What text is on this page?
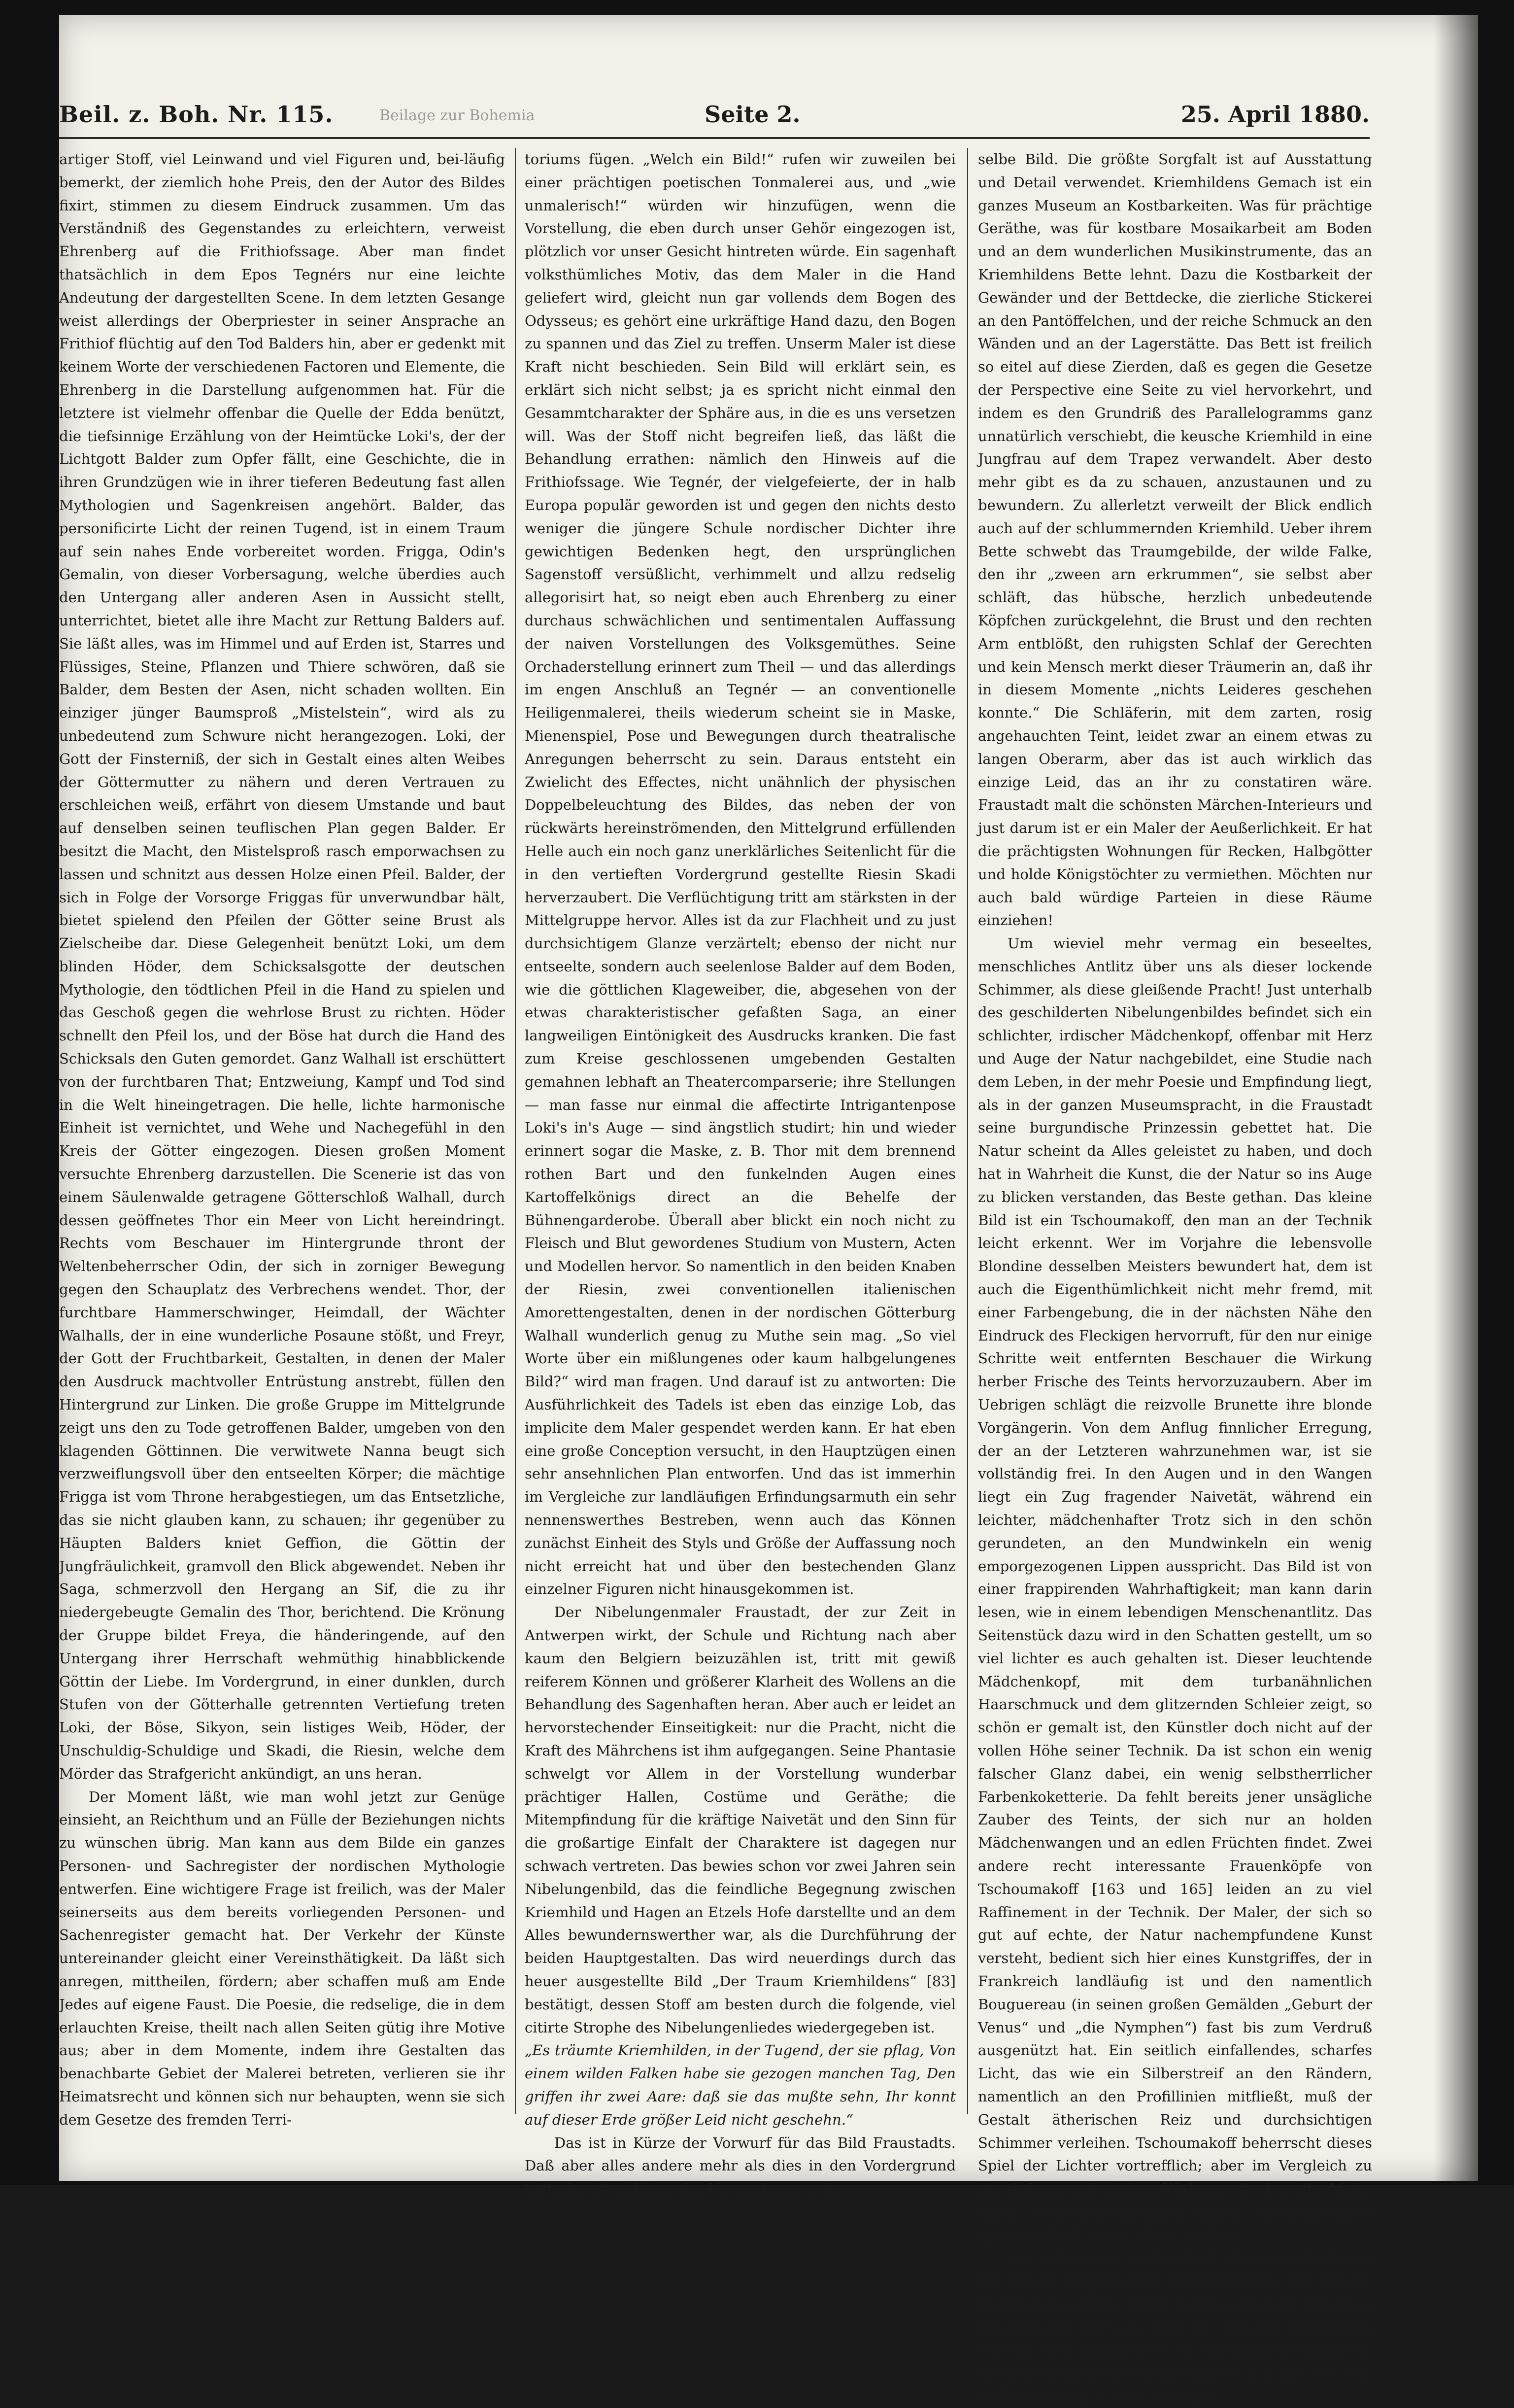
Beil. z. Boh. Nr. 115.	Beilage zur Bohemia	Seite 2.	25. April 1880.

artiger Stoff, viel Leinwand und viel Figuren und, bei-läufig bemerkt, der ziemlich hohe Preis, den der Autor des Bildes fixirt, stimmen zu diesem Eindruck zusammen. Um das Verständniß des Gegenstandes zu erleichtern, verweist Ehrenberg auf die Frithiofssage. Aber man findet thatsächlich in dem Epos Tegnérs nur eine leichte Andeutung der dargestellten Scene. In dem letzten Gesange weist allerdings der Oberpriester in seiner Ansprache an Frithiof flüchtig auf den Tod Balders hin, aber er gedenkt mit keinem Worte der verschiedenen Factoren und Elemente, die Ehrenberg in die Darstellung aufgenommen hat. Für die letztere ist vielmehr offenbar die Quelle der Edda benützt, die tiefsinnige Erzählung von der Heimtücke Loki's, der der Lichtgott Balder zum Opfer fällt, eine Geschichte, die in ihren Grundzügen wie in ihrer tieferen Bedeutung fast allen Mythologien und Sagenkreisen angehört. Balder, das personificirte Licht der reinen Tugend, ist in einem Traum auf sein nahes Ende vorbereitet worden. Frigga, Odin's Gemalin, von dieser Vorbersagung, welche überdies auch den Untergang aller anderen Asen in Aussicht stellt, unterrichtet, bietet alle ihre Macht zur Rettung Balders auf. Sie läßt alles, was im Himmel und auf Erden ist, Starres und Flüssiges, Steine, Pflanzen und Thiere schwören, daß sie Balder, dem Besten der Asen, nicht schaden wollten. Ein einziger jünger Baumsproß „Mistelstein“, wird als zu unbedeutend zum Schwure nicht herangezogen. Loki, der Gott der Finsterniß, der sich in Gestalt eines alten Weibes der Göttermutter zu nähern und deren Vertrauen zu erschleichen weiß, erfährt von diesem Umstande und baut auf denselben seinen teuflischen Plan gegen Balder. Er besitzt die Macht, den Mistelsproß rasch emporwachsen zu lassen und schnitzt aus dessen Holze einen Pfeil. Balder, der sich in Folge der Vorsorge Friggas für unverwundbar hält, bietet spielend den Pfeilen der Götter seine Brust als Zielscheibe dar. Diese Gelegenheit benützt Loki, um dem blinden Höder, dem Schicksalsgotte der deutschen Mythologie, den tödtlichen Pfeil in die Hand zu spielen und das Geschoß gegen die wehrlose Brust zu richten. Höder schnellt den Pfeil los, und der Böse hat durch die Hand des Schicksals den Guten gemordet. Ganz Walhall ist erschüttert von der furchtbaren That; Entzweiung, Kampf und Tod sind in die Welt hineingetragen. Die helle, lichte harmonische Einheit ist vernichtet, und Wehe und Nachegefühl in den Kreis der Götter eingezogen. Diesen großen Moment versuchte Ehrenberg darzustellen. Die Scenerie ist das von einem Säulenwalde getragene Götterschloß Walhall, durch dessen geöffnetes Thor ein Meer von Licht hereindringt. Rechts vom Beschauer im Hintergrunde thront der Weltenbeherrscher Odin, der sich in zorniger Bewegung gegen den Schauplatz des Verbrechens wendet. Thor, der furchtbare Hammerschwinger, Heimdall, der Wächter Walhalls, der in eine wunderliche Posaune stößt, und Freyr, der Gott der Fruchtbarkeit, Gestalten, in denen der Maler den Ausdruck machtvoller Entrüstung anstrebt, füllen den Hintergrund zur Linken. Die große Gruppe im Mittelgrunde zeigt uns den zu Tode getroffenen Balder, umgeben von den klagenden Göttinnen. Die verwitwete Nanna beugt sich verzweiflungsvoll über den entseelten Körper; die mächtige Frigga ist vom Throne herabgestiegen, um das Entsetzliche, das sie nicht glauben kann, zu schauen; ihr gegenüber zu Häupten Balders kniet Geffion, die Göttin der Jungfräulichkeit, gramvoll den Blick abgewendet. Neben ihr Saga, schmerzvoll den Hergang an Sif, die zu ihr niedergebeugte Gemalin des Thor, berichtend. Die Krönung der Gruppe bildet Freya, die händeringende, auf den Untergang ihrer Herrschaft wehmüthig hinabblickende Göttin der Liebe. Im Vordergrund, in einer dunklen, durch Stufen von der Götterhalle getrennten Vertiefung treten Loki, der Böse, Sikyon, sein listiges Weib, Höder, der Unschuldig-Schuldige und Skadi, die Riesin, welche dem Mörder das Strafgericht ankündigt, an uns heran.

Der Moment läßt, wie man wohl jetzt zur Genüge einsieht, an Reichthum und an Fülle der Beziehungen nichts zu wünschen übrig. Man kann aus dem Bilde ein ganzes Personen- und Sachregister der nordischen Mythologie entwerfen. Eine wichtigere Frage ist freilich, was der Maler seinerseits aus dem bereits vorliegenden Personen- und Sachenregister gemacht hat. Der Verkehr der Künste untereinander gleicht einer Vereinsthätigkeit. Da läßt sich anregen, mittheilen, fördern; aber schaffen muß am Ende Jedes auf eigene Faust. Die Poesie, die redselige, die in dem erlauchten Kreise, theilt nach allen Seiten gütig ihre Motive aus; aber in dem Momente, indem ihre Gestalten das benachbarte Gebiet der Malerei betreten, verlieren sie ihr Heimatsrecht und können sich nur behaupten, wenn sie sich dem Gesetze des fremden Terri-

toriums fügen. „Welch ein Bild!“ rufen wir zuweilen bei einer prächtigen poetischen Tonmalerei aus, und „wie unmalerisch!“ würden wir hinzufügen, wenn die Vorstellung, die eben durch unser Gehör eingezogen ist, plötzlich vor unser Gesicht hintreten würde. Ein sagenhaft volksthümliches Motiv, das dem Maler in die Hand geliefert wird, gleicht nun gar vollends dem Bogen des Odysseus; es gehört eine urkräftige Hand dazu, den Bogen zu spannen und das Ziel zu treffen. Unserm Maler ist diese Kraft nicht beschieden. Sein Bild will erklärt sein, es erklärt sich nicht selbst; ja es spricht nicht einmal den Gesammtcharakter der Sphäre aus, in die es uns versetzen will. Was der Stoff nicht begreifen ließ, das läßt die Behandlung errathen: nämlich den Hinweis auf die Frithiofssage. Wie Tegnér, der vielgefeierte, der in halb Europa populär geworden ist und gegen den nichts desto weniger die jüngere Schule nordischer Dichter ihre gewichtigen Bedenken hegt, den ursprünglichen Sagenstoff versüßlicht, verhimmelt und allzu redselig allegorisirt hat, so neigt eben auch Ehrenberg zu einer durchaus schwächlichen und sentimentalen Auffassung der naiven Vorstellungen des Volksgemüthes. Seine Orchaderstellung erinnert zum Theil — und das allerdings im engen Anschluß an Tegnér — an conventionelle Heiligenmalerei, theils wiederum scheint sie in Maske, Mienenspiel, Pose und Bewegungen durch theatralische Anregungen beherrscht zu sein. Daraus entsteht ein Zwielicht des Effectes, nicht unähnlich der physischen Doppelbeleuchtung des Bildes, das neben der von rückwärts hereinströmenden, den Mittelgrund erfüllenden Helle auch ein noch ganz unerklärliches Seitenlicht für die in den vertieften Vordergrund gestellte Riesin Skadi herverzaubert. Die Verflüchtigung tritt am stärksten in der Mittelgruppe hervor. Alles ist da zur Flachheit und zu just durchsichtigem Glanze verzärtelt; ebenso der nicht nur entseelte, sondern auch seelenlose Balder auf dem Boden, wie die göttlichen Klageweiber, die, abgesehen von der etwas charakteristischer gefaßten Saga, an einer langweiligen Eintönigkeit des Ausdrucks kranken. Die fast zum Kreise geschlossenen umgebenden Gestalten gemahnen lebhaft an Theatercomparserie; ihre Stellungen — man fasse nur einmal die affectirte Intrigantenpose Loki's in's Auge — sind ängstlich studirt; hin und wieder erinnert sogar die Maske, z. B. Thor mit dem brennend rothen Bart und den funkelnden Augen eines Kartoffelkönigs direct an die Behelfe der Bühnengarderobe. Überall aber blickt ein noch nicht zu Fleisch und Blut gewordenes Studium von Mustern, Acten und Modellen hervor. So namentlich in den beiden Knaben der Riesin, zwei conventionellen italienischen Amorettengestalten, denen in der nordischen Götterburg Walhall wunderlich genug zu Muthe sein mag. „So viel Worte über ein mißlungenes oder kaum halbgelungenes Bild?“ wird man fragen. Und darauf ist zu antworten: Die Ausführlichkeit des Tadels ist eben das einzige Lob, das implicite dem Maler gespendet werden kann. Er hat eben eine große Conception versucht, in den Hauptzügen einen sehr ansehnlichen Plan entworfen. Und das ist immerhin im Vergleiche zur landläufigen Erfindungsarmuth ein sehr nennenswerthes Bestreben, wenn auch das Können zunächst Einheit des Styls und Größe der Auffassung noch nicht erreicht hat und über den bestechenden Glanz einzelner Figuren nicht hinausgekommen ist.

Der Nibelungenmaler Fraustadt, der zur Zeit in Antwerpen wirkt, der Schule und Richtung nach aber kaum den Belgiern beizuzählen ist, tritt mit gewiß reiferem Können und größerer Klarheit des Wollens an die Behandlung des Sagenhaften heran. Aber auch er leidet an hervorstechender Einseitigkeit: nur die Pracht, nicht die Kraft des Mährchens ist ihm aufgegangen. Seine Phantasie schwelgt vor Allem in der Vorstellung wunderbar prächtiger Hallen, Costüme und Geräthe; die Mitempfindung für die kräftige Naivetät und den Sinn für die großartige Einfalt der Charaktere ist dagegen nur schwach vertreten. Das bewies schon vor zwei Jahren sein Nibelungenbild, das die feindliche Begegnung zwischen Kriemhild und Hagen an Etzels Hofe darstellte und an dem Alles bewundernswerther war, als die Durchführung der beiden Hauptgestalten. Das wird neuerdings durch das heuer ausgestellte Bild „Der Traum Kriemhildens“ [83] bestätigt, dessen Stoff am besten durch die folgende, viel citirte Strophe des Nibelungenliedes wiedergegeben ist.

„Es träumte Kriemhilden, in der Tugend, der sie pflag, Von einem wilden Falken habe sie gezogen manchen Tag, Den griffen ihr zwei Aare: daß sie das mußte sehn, Ihr konnt auf dieser Erde größer Leid nicht geschehn.“

Das ist in Kürze der Vorwurf für das Bild Fraustadts. Daß aber alles andere mehr als dies in den Vordergrund tritt, das ist in Kürze der Vorwurf gegen das

selbe Bild. Die größte Sorgfalt ist auf Ausstattung und Detail verwendet. Kriemhildens Gemach ist ein ganzes Museum an Kostbarkeiten. Was für prächtige Geräthe, was für kostbare Mosaikarbeit am Boden und an dem wunderlichen Musikinstrumente, das an Kriemhildens Bette lehnt. Dazu die Kostbarkeit der Gewänder und der Bettdecke, die zierliche Stickerei an den Pantöffelchen, und der reiche Schmuck an den Wänden und an der Lagerstätte. Das Bett ist freilich so eitel auf diese Zierden, daß es gegen die Gesetze der Perspective eine Seite zu viel hervorkehrt, und indem es den Grundriß des Parallelogramms ganz unnatürlich verschiebt, die keusche Kriemhild in eine Jungfrau auf dem Trapez verwandelt. Aber desto mehr gibt es da zu schauen, anzustaunen und zu bewundern. Zu allerletzt verweilt der Blick endlich auch auf der schlummernden Kriemhild. Ueber ihrem Bette schwebt das Traumgebilde, der wilde Falke, den ihr „zween arn erkrummen“, sie selbst aber schläft, das hübsche, herzlich unbedeutende Köpfchen zurückgelehnt, die Brust und den rechten Arm entblößt, den ruhigsten Schlaf der Gerechten und kein Mensch merkt dieser Träumerin an, daß ihr in diesem Momente „nichts Leideres geschehen konnte.“ Die Schläferin, mit dem zarten, rosig angehauchten Teint, leidet zwar an einem etwas zu langen Oberarm, aber das ist auch wirklich das einzige Leid, das an ihr zu constatiren wäre. Fraustadt malt die schönsten Märchen-Interieurs und just darum ist er ein Maler der Aeußerlichkeit. Er hat die prächtigsten Wohnungen für Recken, Halbgötter und holde Königstöchter zu vermiethen. Möchten nur auch bald würdige Parteien in diese Räume einziehen!

Um wieviel mehr vermag ein beseeltes, menschliches Antlitz über uns als dieser lockende Schimmer, als diese gleißende Pracht! Just unterhalb des geschilderten Nibelungenbildes befindet sich ein schlichter, irdischer Mädchenkopf, offenbar mit Herz und Auge der Natur nachgebildet, eine Studie nach dem Leben, in der mehr Poesie und Empfindung liegt, als in der ganzen Museumspracht, in die Fraustadt seine burgundische Prinzessin gebettet hat. Die Natur scheint da Alles geleistet zu haben, und doch hat in Wahrheit die Kunst, die der Natur so ins Auge zu blicken verstanden, das Beste gethan. Das kleine Bild ist ein Tschoumakoff, den man an der Technik leicht erkennt. Wer im Vorjahre die lebensvolle Blondine desselben Meisters bewundert hat, dem ist auch die Eigenthümlichkeit nicht mehr fremd, mit einer Farbengebung, die in der nächsten Nähe den Eindruck des Fleckigen hervorruft, für den nur einige Schritte weit entfernten Beschauer die Wirkung herber Frische des Teints hervorzuzaubern. Aber im Uebrigen schlägt die reizvolle Brunette ihre blonde Vorgängerin. Von dem Anflug finnlicher Erregung, der an der Letzteren wahrzunehmen war, ist sie vollständig frei. In den Augen und in den Wangen liegt ein Zug fragender Naivetät, während ein leichter, mädchenhafter Trotz sich in den schön gerundeten, an den Mundwinkeln ein wenig emporgezogenen Lippen ausspricht. Das Bild ist von einer frappirenden Wahrhaftigkeit; man kann darin lesen, wie in einem lebendigen Menschenantlitz. Das Seitenstück dazu wird in den Schatten gestellt, um so viel lichter es auch gehalten ist. Dieser leuchtende Mädchenkopf, mit dem turbanähnlichen Haarschmuck und dem glitzernden Schleier zeigt, so schön er gemalt ist, den Künstler doch nicht auf der vollen Höhe seiner Technik. Da ist schon ein wenig falscher Glanz dabei, ein wenig selbstherrlicher Farbenkoketterie. Da fehlt bereits jener unsägliche Zauber des Teints, der sich nur an holden Mädchenwangen und an edlen Früchten findet. Zwei andere recht interessante Frauenköpfe von Tschoumakoff [163 und 165] leiden an zu viel Raffinement in der Technik. Der Maler, der sich so gut auf echte, der Natur nachempfundene Kunst versteht, bedient sich hier eines Kunstgriffes, der in Frankreich landläufig ist und den namentlich Bouguereau (in seinen großen Gemälden „Geburt der Venus“ und „die Nymphen“) fast bis zum Verdruß ausgenützt hat. Ein seitlich einfallendes, scharfes Licht, das wie ein Silberstreif an den Rändern, namentlich an den Profillinien mitfließt, muß der Gestalt ätherischen Reiz und durchsichtigen Schimmer verleihen. Tschoumakoff beherrscht dieses Spiel der Lichter vortrefflich; aber im Vergleich zu der tieferen und ruhigen Wirkung, die derselbe Maler durch seelischen Ausdruck erzielt, erscheint diese Spielerei doch nur eitel und nichtig.

Ein vollendeter Studienkopf, das zeigt der beste der heuer ausgestellten Tschoumakoffs, hat als ein durchempfundenes Stück Lebens zugleich den Reiz des Porträts für sich. Und ein wirklich vollendetes Porträt wirkt andererseits mit der ganzen liebevollen Durchgeistigung des Studienkopfes auf uns ein. Wir fühlen uns da gar nicht bewogen
